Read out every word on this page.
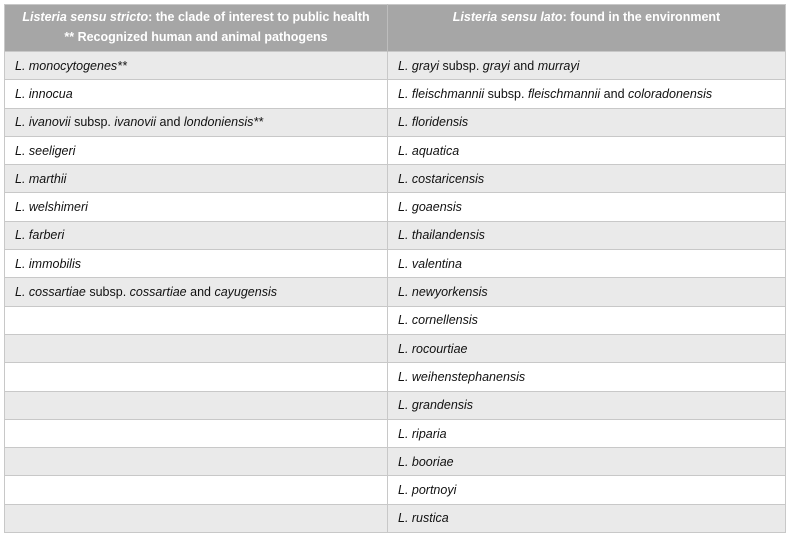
Listeria sensu stricto: the clade of interest to public health
** Recognized human and animal pathogens	Listeria sensu lato: found in the environment
L. monocytogenes**	L. grayi subsp. grayi and murrayi
L. innocua	L. fleischmannii subsp. fleischmannii and coloradonensis
L. ivanovii subsp. ivanovii and londoniensis**	L. floridensis
L. seeligeri	L. aquatica
L. marthii	L. costaricensis
L. welshimeri	L. goaensis
L. farberi	L. thailandensis
L. immobilis	L. valentina
L. cossartiae subsp. cossartiae and cayugensis	L. newyorkensis
	L. cornellensis
	L. rocourtiae
	L. weihenstephanensis
	L. grandensis
	L. riparia
	L. booriae
	L. portnoyi
	L. rustica
